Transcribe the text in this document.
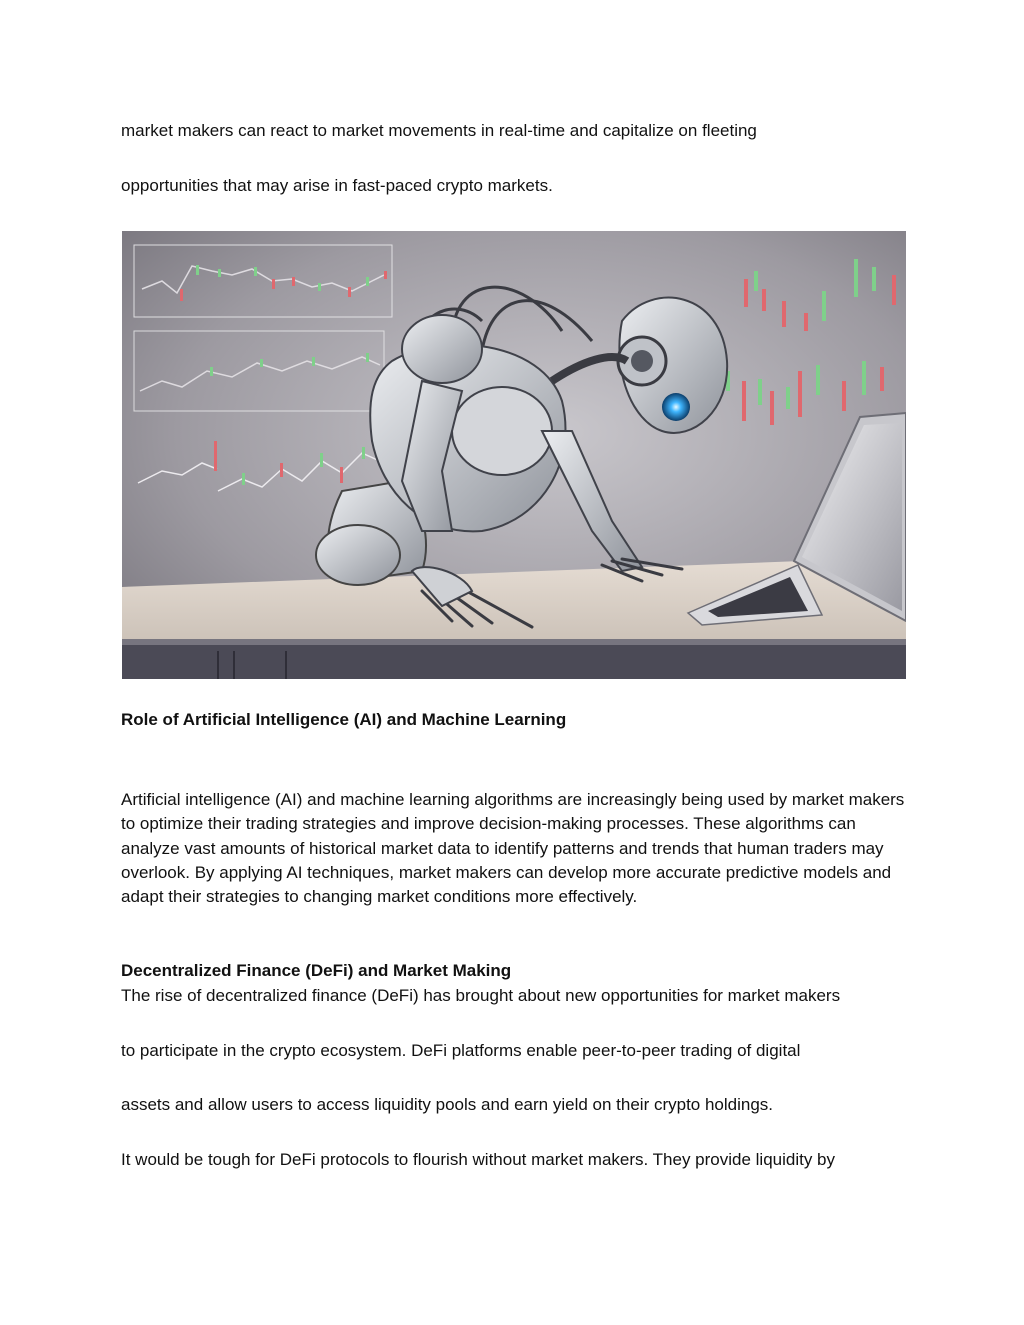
market makers can react to market movements in real-time and capitalize on fleeting

opportunities that may arise in fast-paced crypto markets.

Role of Artificial Intelligence (AI) and Machine Learning

Artificial intelligence (AI) and machine learning algorithms are increasingly being used by market makers to optimize their trading strategies and improve decision-making processes. These algorithms can analyze vast amounts of historical market data to identify patterns and trends that human traders may overlook. By applying AI techniques, market makers can develop more accurate predictive models and adapt their strategies to changing market conditions more effectively.

Decentralized Finance (DeFi) and Market Making

The rise of decentralized finance (DeFi) has brought about new opportunities for market makers

to participate in the crypto ecosystem. DeFi platforms enable peer-to-peer trading of digital

assets and allow users to access liquidity pools and earn yield on their crypto holdings.

It would be tough for DeFi protocols to flourish without market makers. They provide liquidity by
